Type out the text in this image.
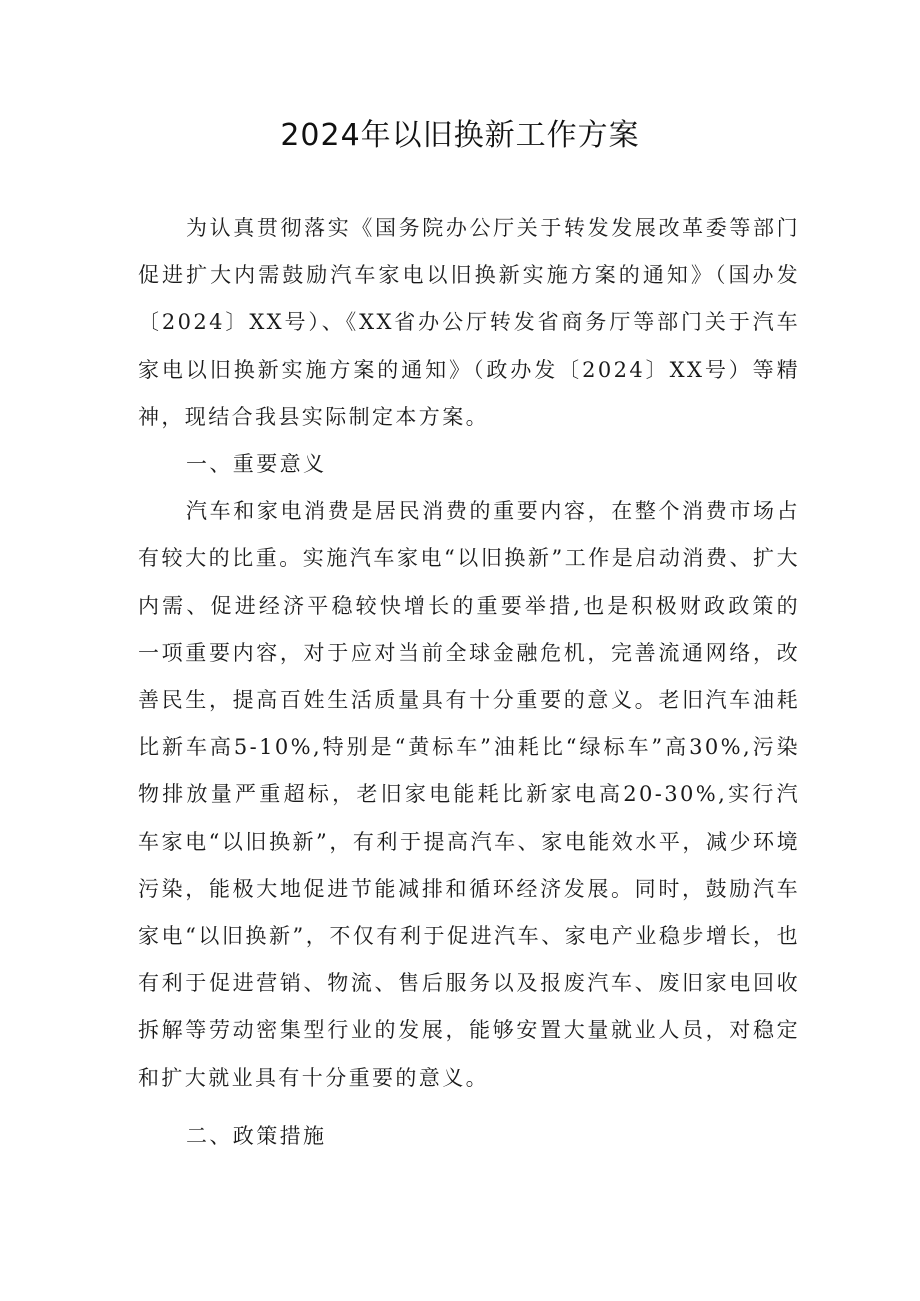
2024年以旧换新工作方案

为认真贯彻落实《国务院办公厅关于转发发展改革委等部门促进扩大内需鼓励汽车家电以旧换新实施方案的通知》（国办发〔2024〕XX号）、《XX省办公厅转发省商务厅等部门关于汽车家电以旧换新实施方案的通知》（政办发〔2024〕XX号）等精神，现结合我县实际制定本方案。

一、重要意义

汽车和家电消费是居民消费的重要内容，在整个消费市场占有较大的比重。实施汽车家电“以旧换新”工作是启动消费、扩大内需、促进经济平稳较快增长的重要举措,也是积极财政政策的一项重要内容，对于应对当前全球金融危机，完善流通网络，改善民生，提高百姓生活质量具有十分重要的意义。老旧汽车油耗比新车高5-10%,特别是“黄标车”油耗比“绿标车”高30%,污染物排放量严重超标，老旧家电能耗比新家电高20-30%,实行汽车家电“以旧换新”，有利于提高汽车、家电能效水平，减少环境污染，能极大地促进节能减排和循环经济发展。同时，鼓励汽车家电“以旧换新”，不仅有利于促进汽车、家电产业稳步增长，也有利于促进营销、物流、售后服务以及报废汽车、废旧家电回收拆解等劳动密集型行业的发展，能够安置大量就业人员，对稳定和扩大就业具有十分重要的意义。

二、政策措施
